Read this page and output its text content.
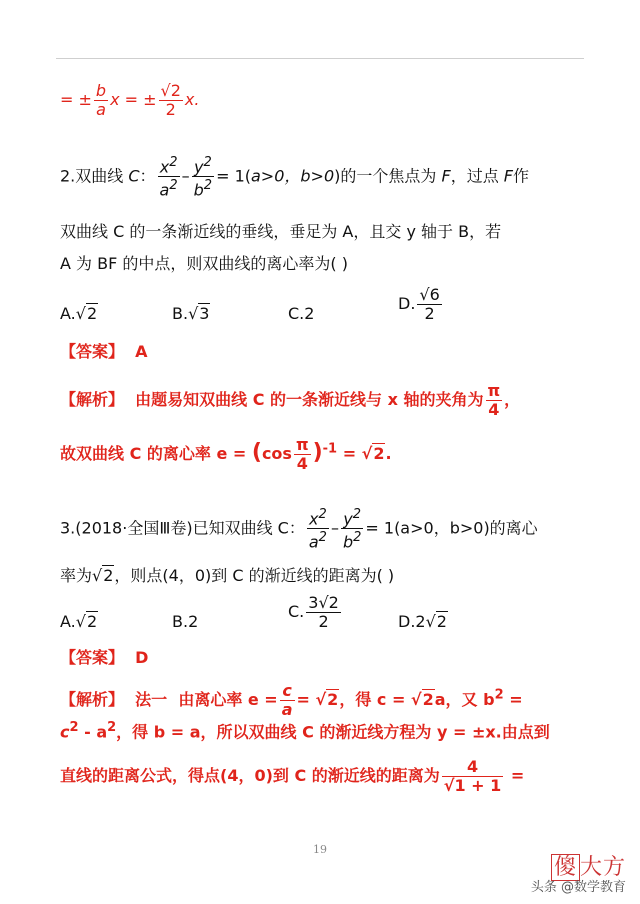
= ± $\frac{b}{a}$ x = ± $\frac{√2}{2} x$.
2.双曲线 C： $\frac{x^2}{a^2} - \frac{y^2}{b^2} = 1(a>0$，b>0)的一个焦点为 F，过点 F作
双曲线 C 的一条渐近线的垂线，垂足为 A，且交 y 轴于 B，若
A 为 BF 的中点，则双曲线的离心率为( )
A.√2	B.√3	C.2
D. $\frac{√6}{2}$
【答案】 A
【解析】 由题易知双曲线 C 的一条渐近线与 x 轴的夹角为 $\frac{\pi}{4}$ ，
故双曲线 C 的离心率 $e = (\cos \frac{\pi}{4} )^{-1} = √2$.
3.(2018·全国Ⅲ卷)已知双曲线 C： $\frac{x^2}{a^2} - \frac{y^2}{b^2} = 1(a>0$，b>0)的离心
率为√2，则点(4，0)到 C 的渐近线的距离为( )
A.√2	B.2
C. $\frac{3√2}{2}$	D.2√2
【答案】 D
【解析】 法一 由离心率 $e = \frac{c}{a} = √2$，得 c = √2a，又 $b^2$ =
$c^2 - a^2$，得 b = a，所以双曲线 C 的渐近线方程为 y = ±x.由点到
直线的距离公式，得点(4，0)到 C 的渐近线的距离为 $\frac{4}{√1 + 1}$ =
19
傻 大方
头条 @数学教育
